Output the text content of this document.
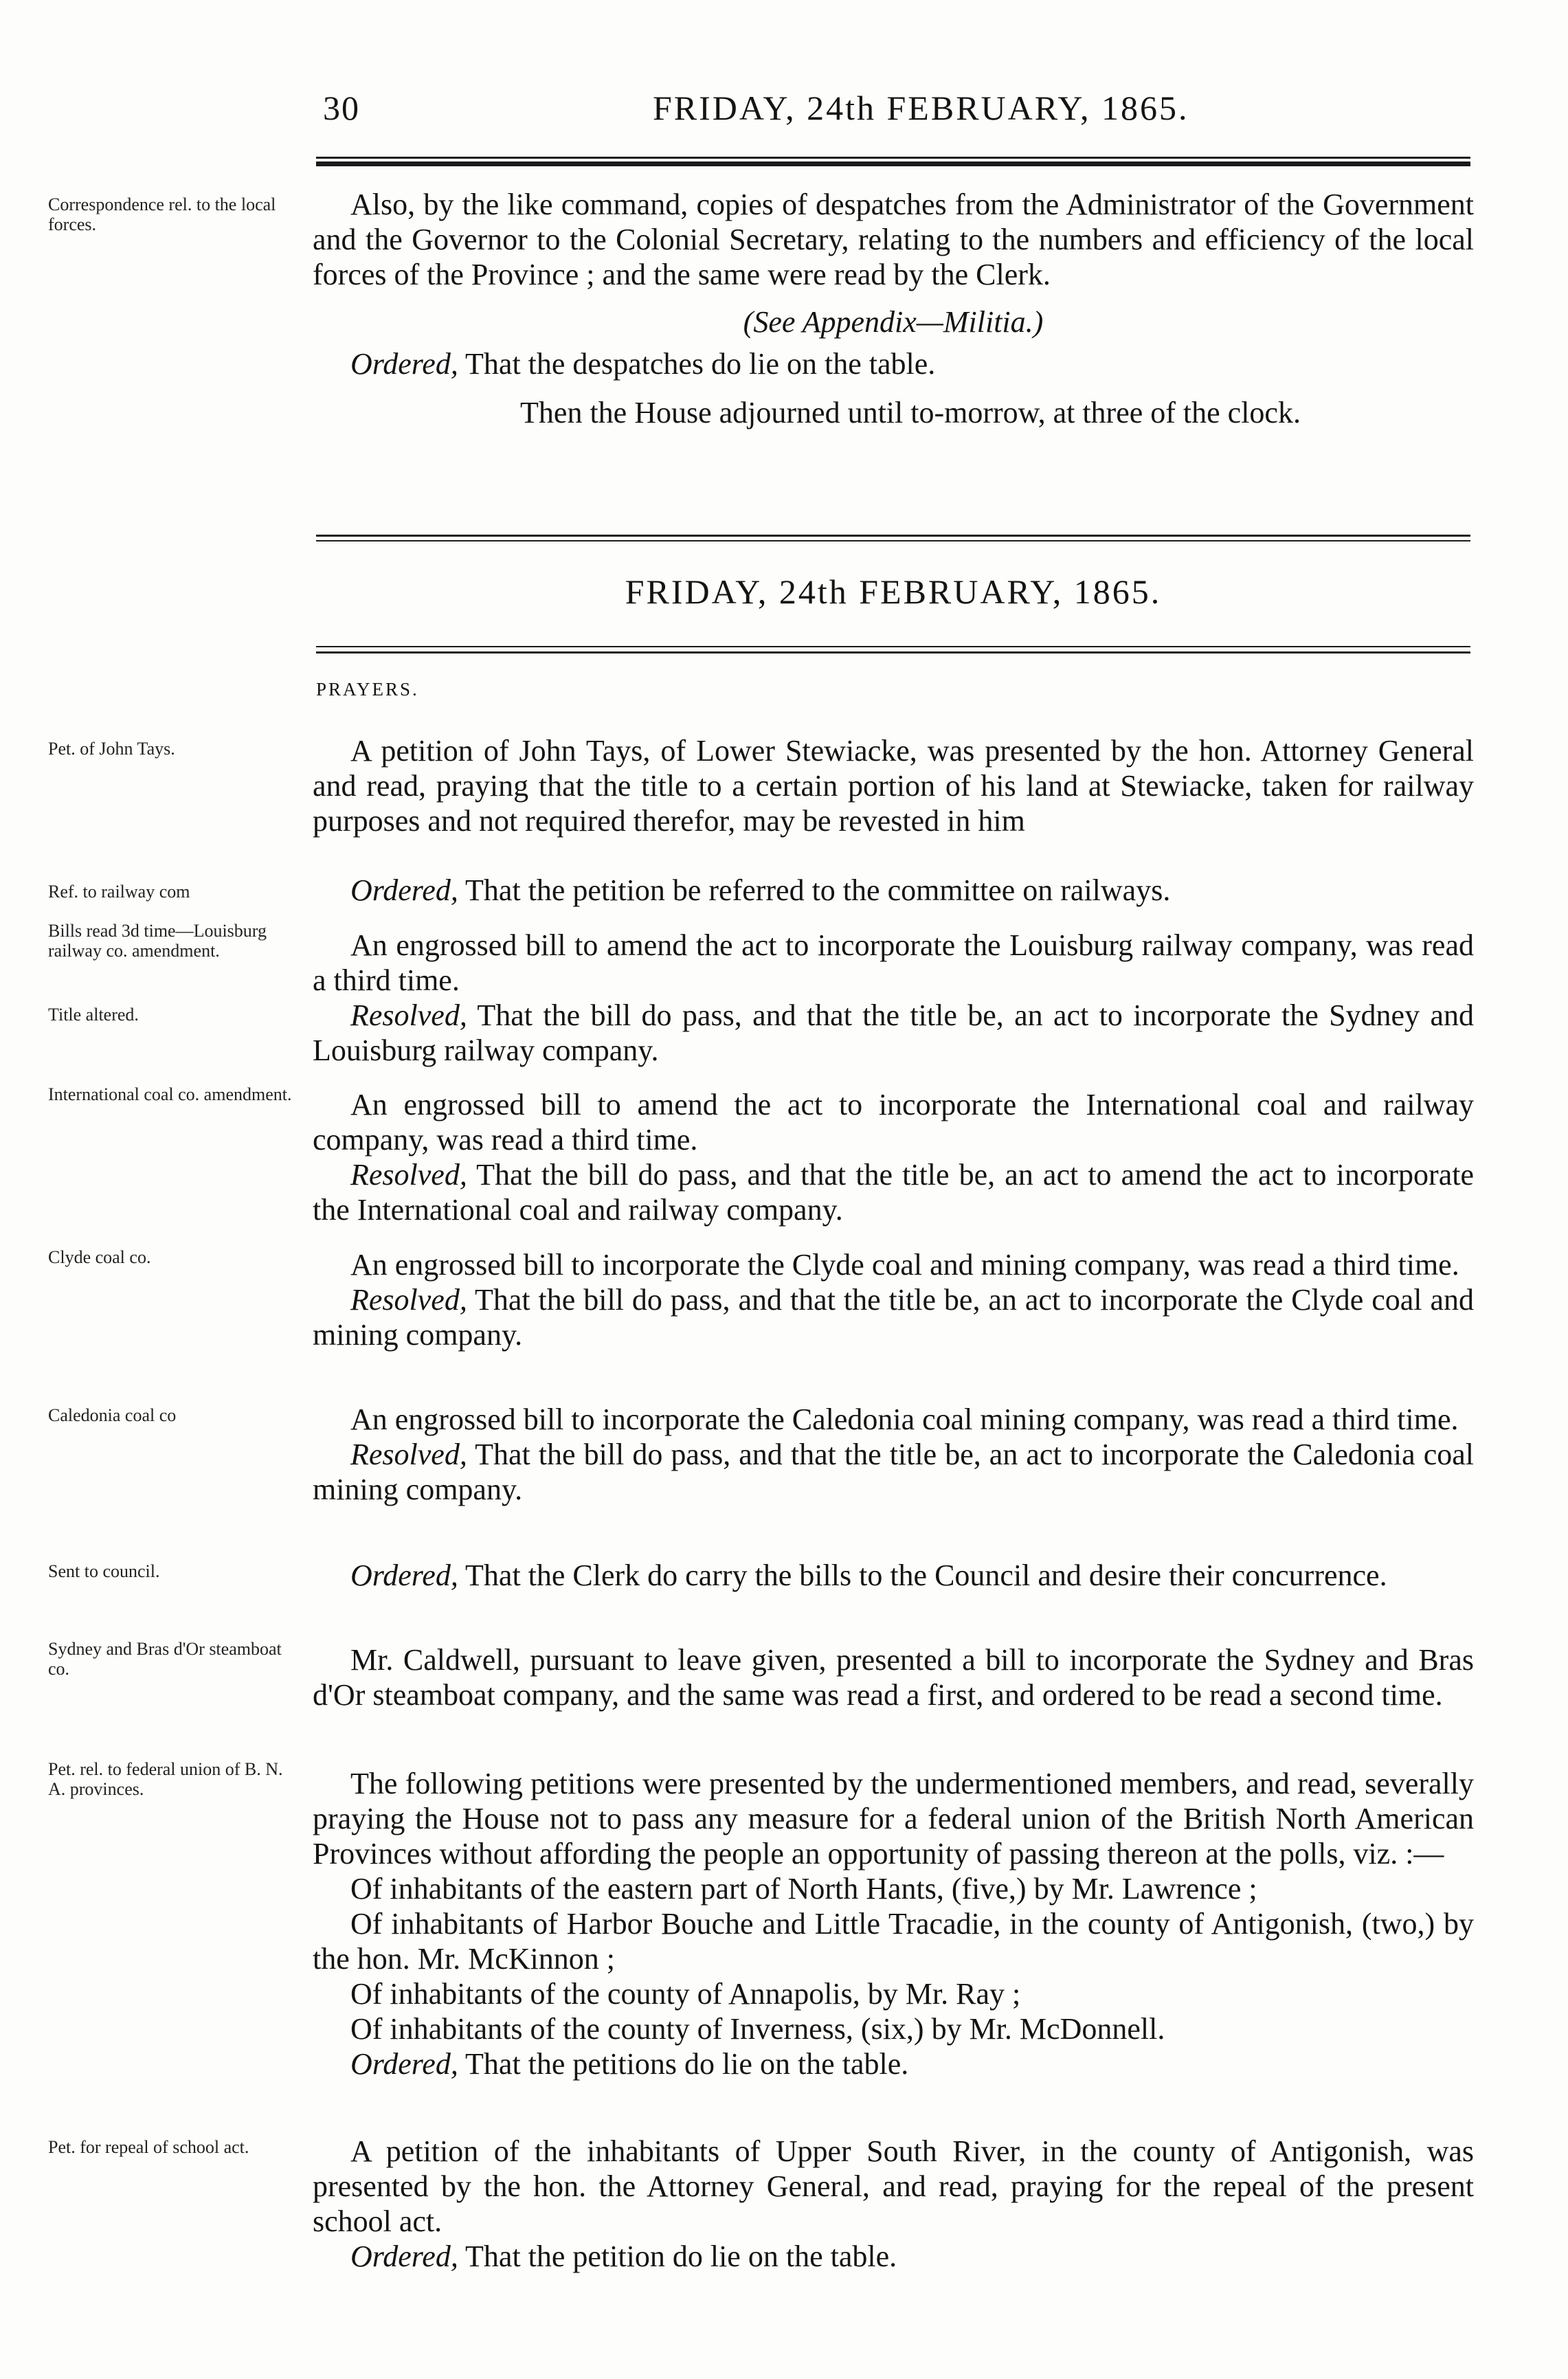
30	FRIDAY, 24th FEBRUARY, 1865.
Correspondence rel. to the local forces.

Also, by the like command, copies of despatches from the Administrator of the Government and the Governor to the Colonial Secretary, relating to the numbers and efficiency of the local forces of the Province ; and the same were read by the Clerk.

(See Appendix—Militia.)

Ordered, That the despatches do lie on the table.

Then the House adjourned until to-morrow, at three of the clock.

FRIDAY, 24th FEBRUARY, 1865.
PRAYERS.
Pet. of John Tays.	A petition of John Tays, of Lower Stewiacke, was presented by the hon. Attorney General and read, praying that the title to a certain portion of his land at Stewiacke, taken for railway purposes and not required therefor, may be revested in him

Ref. to railway com	Ordered, That the petition be referred to the committee on railways.

Bills read 3d time—Louisburg railway co. amendment.	An engrossed bill to amend the act to incorporate the Louisburg railway company, was read a third time.

Title altered.	Resolved, That the bill do pass, and that the title be, an act to incorporate the Sydney and Louisburg railway company.

International coal co. amendment.	An engrossed bill to amend the act to incorporate the International coal and railway company, was read a third time.

Resolved, That the bill do pass, and that the title be, an act to amend the act to incorporate the International coal and railway company.

Clyde coal co.	An engrossed bill to incorporate the Clyde coal and mining company, was read a third time.

Resolved, That the bill do pass, and that the title be, an act to incorporate the Clyde coal and mining company.

Caledonia coal co	An engrossed bill to incorporate the Caledonia coal mining company, was read a third time.

Resolved, That the bill do pass, and that the title be, an act to incorporate the Caledonia coal mining company.

Sent to council.	Ordered, That the Clerk do carry the bills to the Council and desire their concurrence.

Sydney and Bras d'Or steamboat co.	Mr. Caldwell, pursuant to leave given, presented a bill to incorporate the Sydney and Bras d'Or steamboat company, and the same was read a first, and ordered to be read a second time.

Pet. rel. to federal union of B. N. A. provinces.	The following petitions were presented by the undermentioned members, and read, severally praying the House not to pass any measure for a federal union of the British North American Provinces without affording the people an opportunity of passing thereon at the polls, viz. :—

Of inhabitants of the eastern part of North Hants, (five,) by Mr. Lawrence ;

Of inhabitants of Harbor Bouche and Little Tracadie, in the county of Antigonish, (two,) by the hon. Mr. McKinnon ;

Of inhabitants of the county of Annapolis, by Mr. Ray ;

Of inhabitants of the county of Inverness, (six,) by Mr. McDonnell.

Ordered, That the petitions do lie on the table.

Pet. for repeal of school act.	A petition of the inhabitants of Upper South River, in the county of Antigonish, was presented by the hon. the Attorney General, and read, praying for the repeal of the present school act.

Ordered, That the petition do lie on the table.
